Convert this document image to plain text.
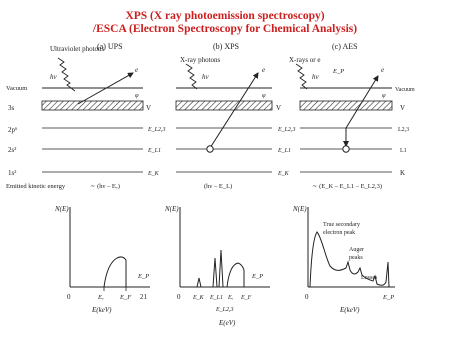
XPS (X ray photoemission spectroscopy)
/ESCA (Electron Spectroscopy for Chemical Analysis)
(a) UPS
Ultraviolet photons
hν
Vacuum
3s
2p⁶
2s²
1s²
e
V
φ
Emitted kinetic energy	∼ (hν – Eᵥ)
(b) XPS
X-ray photons
hν
E_L2,3
E_L1
E_K
e
V
φ
(hν – E_L)
(c) AES
X-rays or e
hν
E_P
E_L2,3
E_L1
E_K
Vacuum
V
L2,3
L1
K
e
φ
∼ (E_K – E_L1 – E_L2,3)
N(E)
0	Eᵥ E_F 21
E_P
E(keV)
N(E)
0 E_K E_L1
E_L2,3
Eᵥ E_F
E_P
E(eV)
N(E)
0
True secondary
electron peak
Auger
peaks
Losses
E_P
E(keV)
